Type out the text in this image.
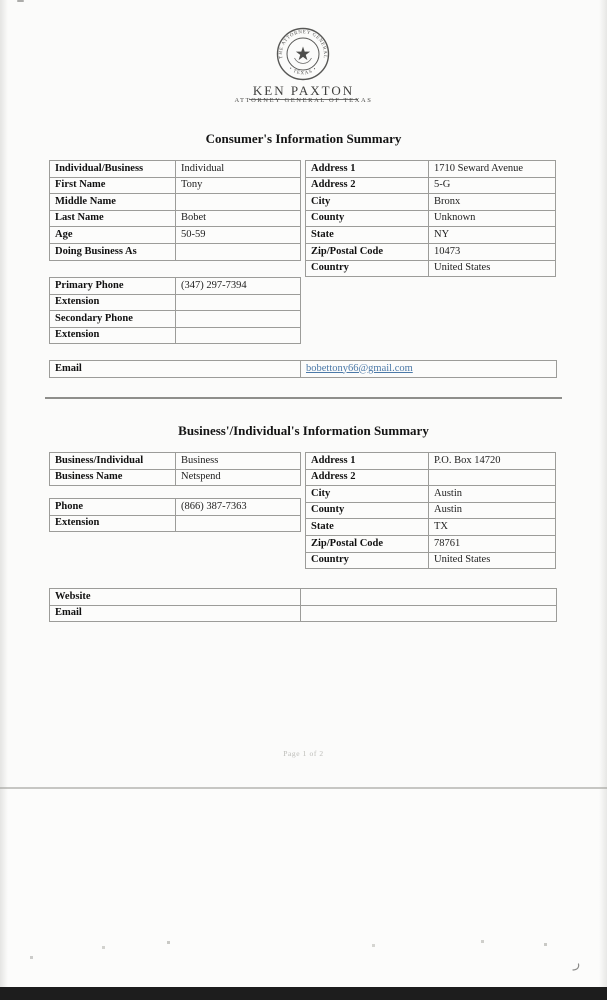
THE ATTORNEY GENERAL
• TEXAS •
KEN PAXTON
ATTORNEY GENERAL OF TEXAS
Consumer's Information Summary
Individual/Business	Individual
First Name	Tony
Middle Name	
Last Name	Bobet
Age	50-59
Doing Business As	
Address 1	1710 Seward Avenue
Address 2	5-G
City	Bronx
County	Unknown
State	NY
Zip/Postal Code	10473
Country	United States
Primary Phone	(347) 297-7394
Extension	
Secondary Phone	
Extension	
Email	bobettony66@gmail.com
Business'/Individual's Information Summary
Business/Individual	Business
Business Name	Netspend
Address 1	P.O. Box 14720
Address 2	
City	Austin
County	Austin
State	TX
Zip/Postal Code	78761
Country	United States
Phone	(866) 387-7363
Extension	
Website	
Email	
Page 1 of 2
